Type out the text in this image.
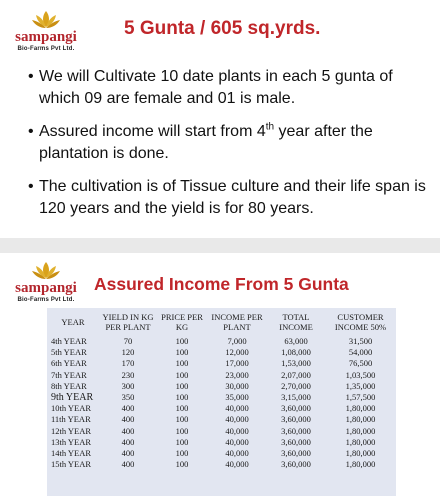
sampangi
Bio-Farms Pvt Ltd.
5 Gunta / 605 sq.yrds.
• We will Cultivate 10 date plants in each 5 gunta of which 09 are female and 01 is male.
• Assured income will start from 4th year after the plantation is done.
• The cultivation is of Tissue culture and their life span is 120 years and the yield is for 80 years.
sampangi
Bio-Farms Pvt Ltd.
Assured Income From 5 Gunta
YEAR	YIELD IN KG PER PLANT	PRICE PER KG	INCOME PER PLANT	TOTAL INCOME	CUSTOMER INCOME 50%
4th YEAR	70	100	7,000	63,000	31,500
5th YEAR	120	100	12,000	1,08,000	54,000
6th YEAR	170	100	17,000	1,53,000	76,500
7th YEAR	230	100	23,000	2,07,000	1,03,500
8th YEAR	300	100	30,000	2,70,000	1,35,000
9th YEAR	350	100	35,000	3,15,000	1,57,500
10th YEAR	400	100	40,000	3,60,000	1,80,000
11th YEAR	400	100	40,000	3,60,000	1,80,000
12th YEAR	400	100	40,000	3,60,000	1,80,000
13th YEAR	400	100	40,000	3,60,000	1,80,000
14th YEAR	400	100	40,000	3,60,000	1,80,000
15th YEAR	400	100	40,000	3,60,000	1,80,000
